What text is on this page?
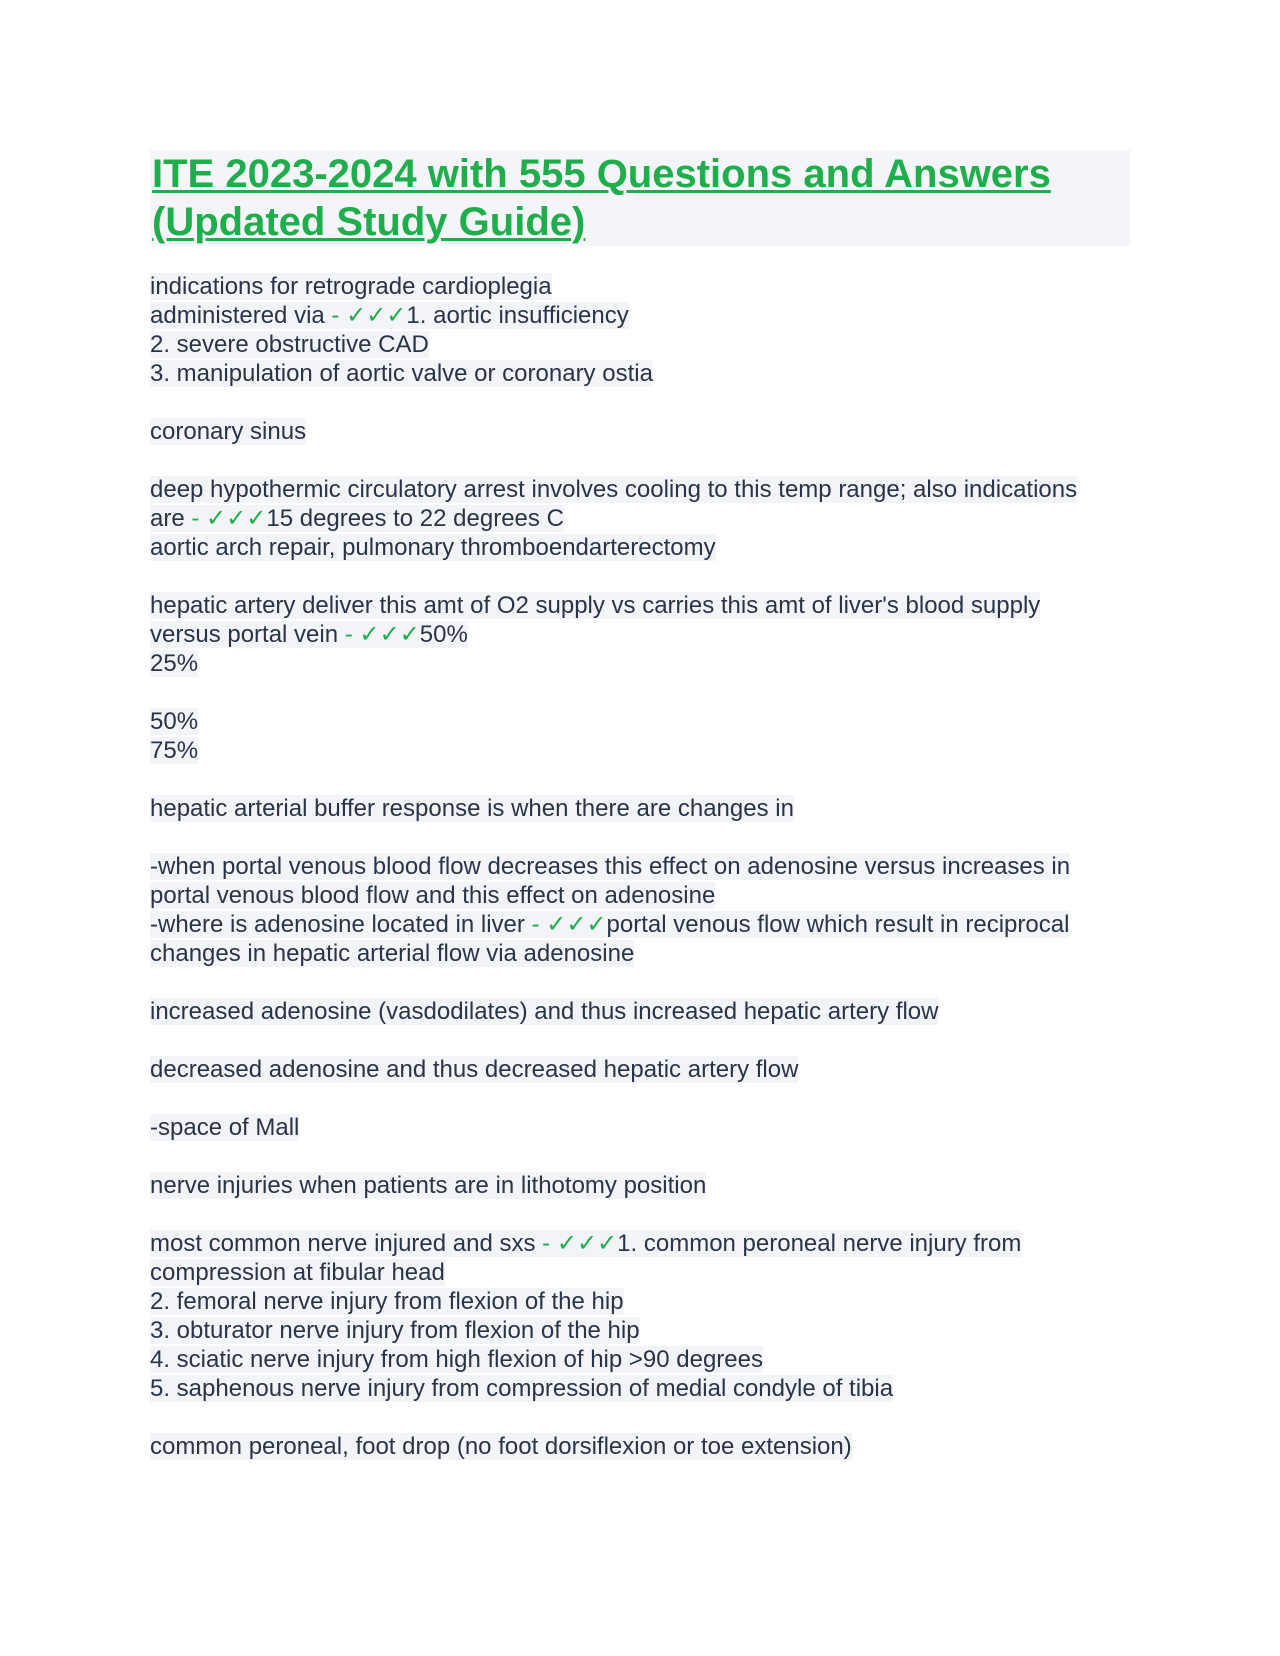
ITE 2023-2024 with 555 Questions and Answers
(Updated Study Guide)
indications for retrograde cardioplegia
administered via - ✓✓✓1. aortic insufficiency
2. severe obstructive CAD
3. manipulation of aortic valve or coronary ostia
coronary sinus
deep hypothermic circulatory arrest involves cooling to this temp range; also indications
are - ✓✓✓15 degrees to 22 degrees C
aortic arch repair, pulmonary thromboendarterectomy
hepatic artery deliver this amt of O2 supply vs carries this amt of liver's blood supply
versus portal vein - ✓✓✓50%
25%
50%
75%
hepatic arterial buffer response is when there are changes in
-when portal venous blood flow decreases this effect on adenosine versus increases in
portal venous blood flow and this effect on adenosine
-where is adenosine located in liver - ✓✓✓portal venous flow which result in reciprocal
changes in hepatic arterial flow via adenosine
increased adenosine (vasdodilates) and thus increased hepatic artery flow
decreased adenosine and thus decreased hepatic artery flow
-space of Mall
nerve injuries when patients are in lithotomy position
most common nerve injured and sxs - ✓✓✓1. common peroneal nerve injury from
compression at fibular head
2. femoral nerve injury from flexion of the hip
3. obturator nerve injury from flexion of the hip
4. sciatic nerve injury from high flexion of hip >90 degrees
5. saphenous nerve injury from compression of medial condyle of tibia
common peroneal, foot drop (no foot dorsiflexion or toe extension)
